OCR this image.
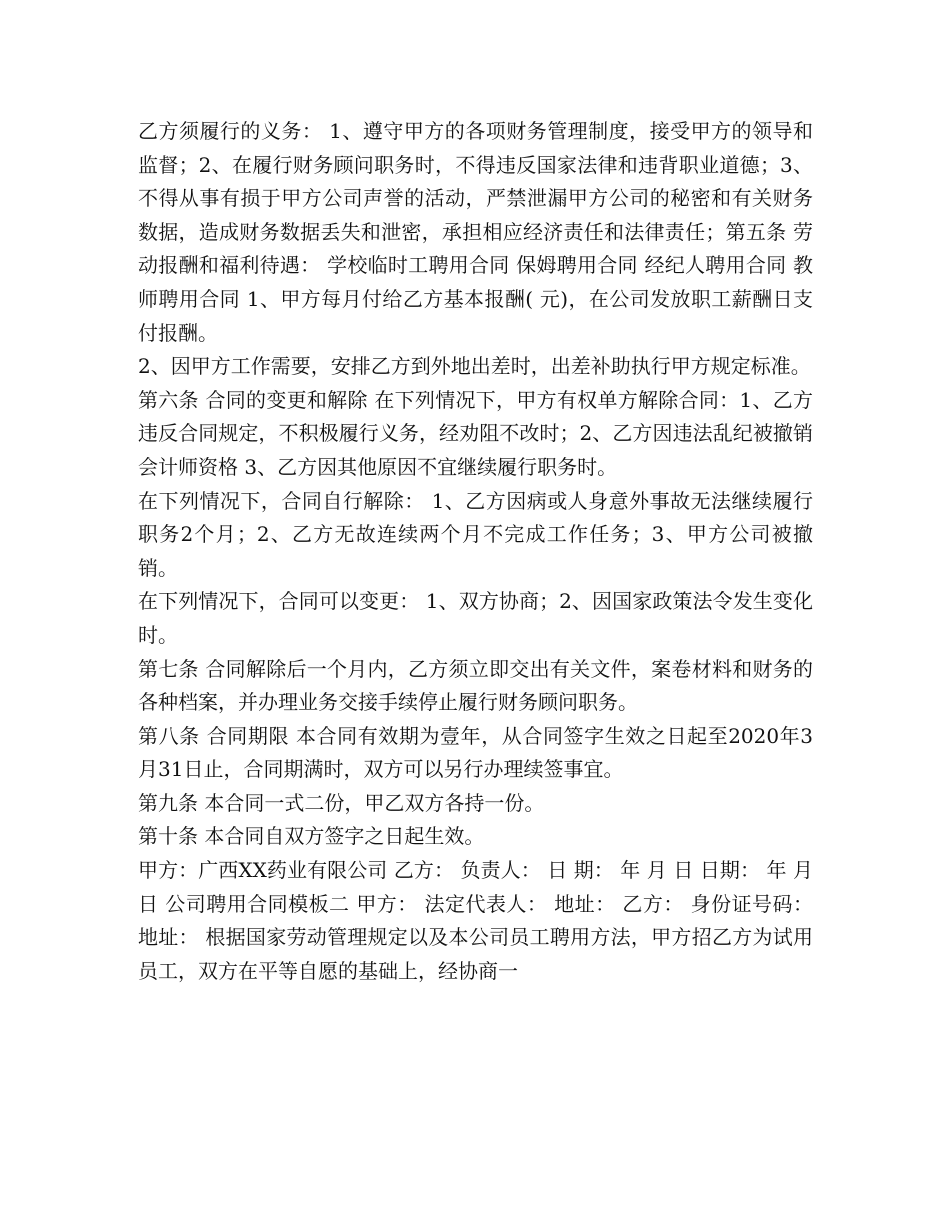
乙方须履行的义务： 1、遵守甲方的各项财务管理制度，接受甲方的领导和监督；2、在履行财务顾问职务时，不得违反国家法律和违背职业道德；3、不得从事有损于甲方公司声誉的活动，严禁泄漏甲方公司的秘密和有关财务数据，造成财务数据丢失和泄密，承担相应经济责任和法律责任；第五条 劳动报酬和福利待遇： 学校临时工聘用合同 保姆聘用合同 经纪人聘用合同 教师聘用合同 1、甲方每月付给乙方基本报酬( 元)，在公司发放职工薪酬日支付报酬。

2、因甲方工作需要，安排乙方到外地出差时，出差补助执行甲方规定标准。

第六条 合同的变更和解除 在下列情况下，甲方有权单方解除合同：1、乙方违反合同规定，不积极履行义务，经劝阻不改时；2、乙方因违法乱纪被撤销会计师资格 3、乙方因其他原因不宜继续履行职务时。

在下列情况下，合同自行解除： 1、乙方因病或人身意外事故无法继续履行职务2个月；2、乙方无故连续两个月不完成工作任务；3、甲方公司被撤销。

在下列情况下，合同可以变更： 1、双方协商；2、因国家政策法令发生变化时。

第七条 合同解除后一个月内，乙方须立即交出有关文件，案卷材料和财务的各种档案，并办理业务交接手续停止履行财务顾问职务。

第八条 合同期限 本合同有效期为壹年，从合同签字生效之日起至2020年3月31日止，合同期满时，双方可以另行办理续签事宜。

第九条 本合同一式二份，甲乙双方各持一份。

第十条 本合同自双方签字之日起生效。

甲方：广西XX药业有限公司 乙方： 负责人： 日 期： 年 月 日 日期： 年 月 日 公司聘用合同模板二 甲方： 法定代表人： 地址： 乙方： 身份证号码： 地址： 根据国家劳动管理规定以及本公司员工聘用方法，甲方招乙方为试用员工，双方在平等自愿的基础上，经协商一
